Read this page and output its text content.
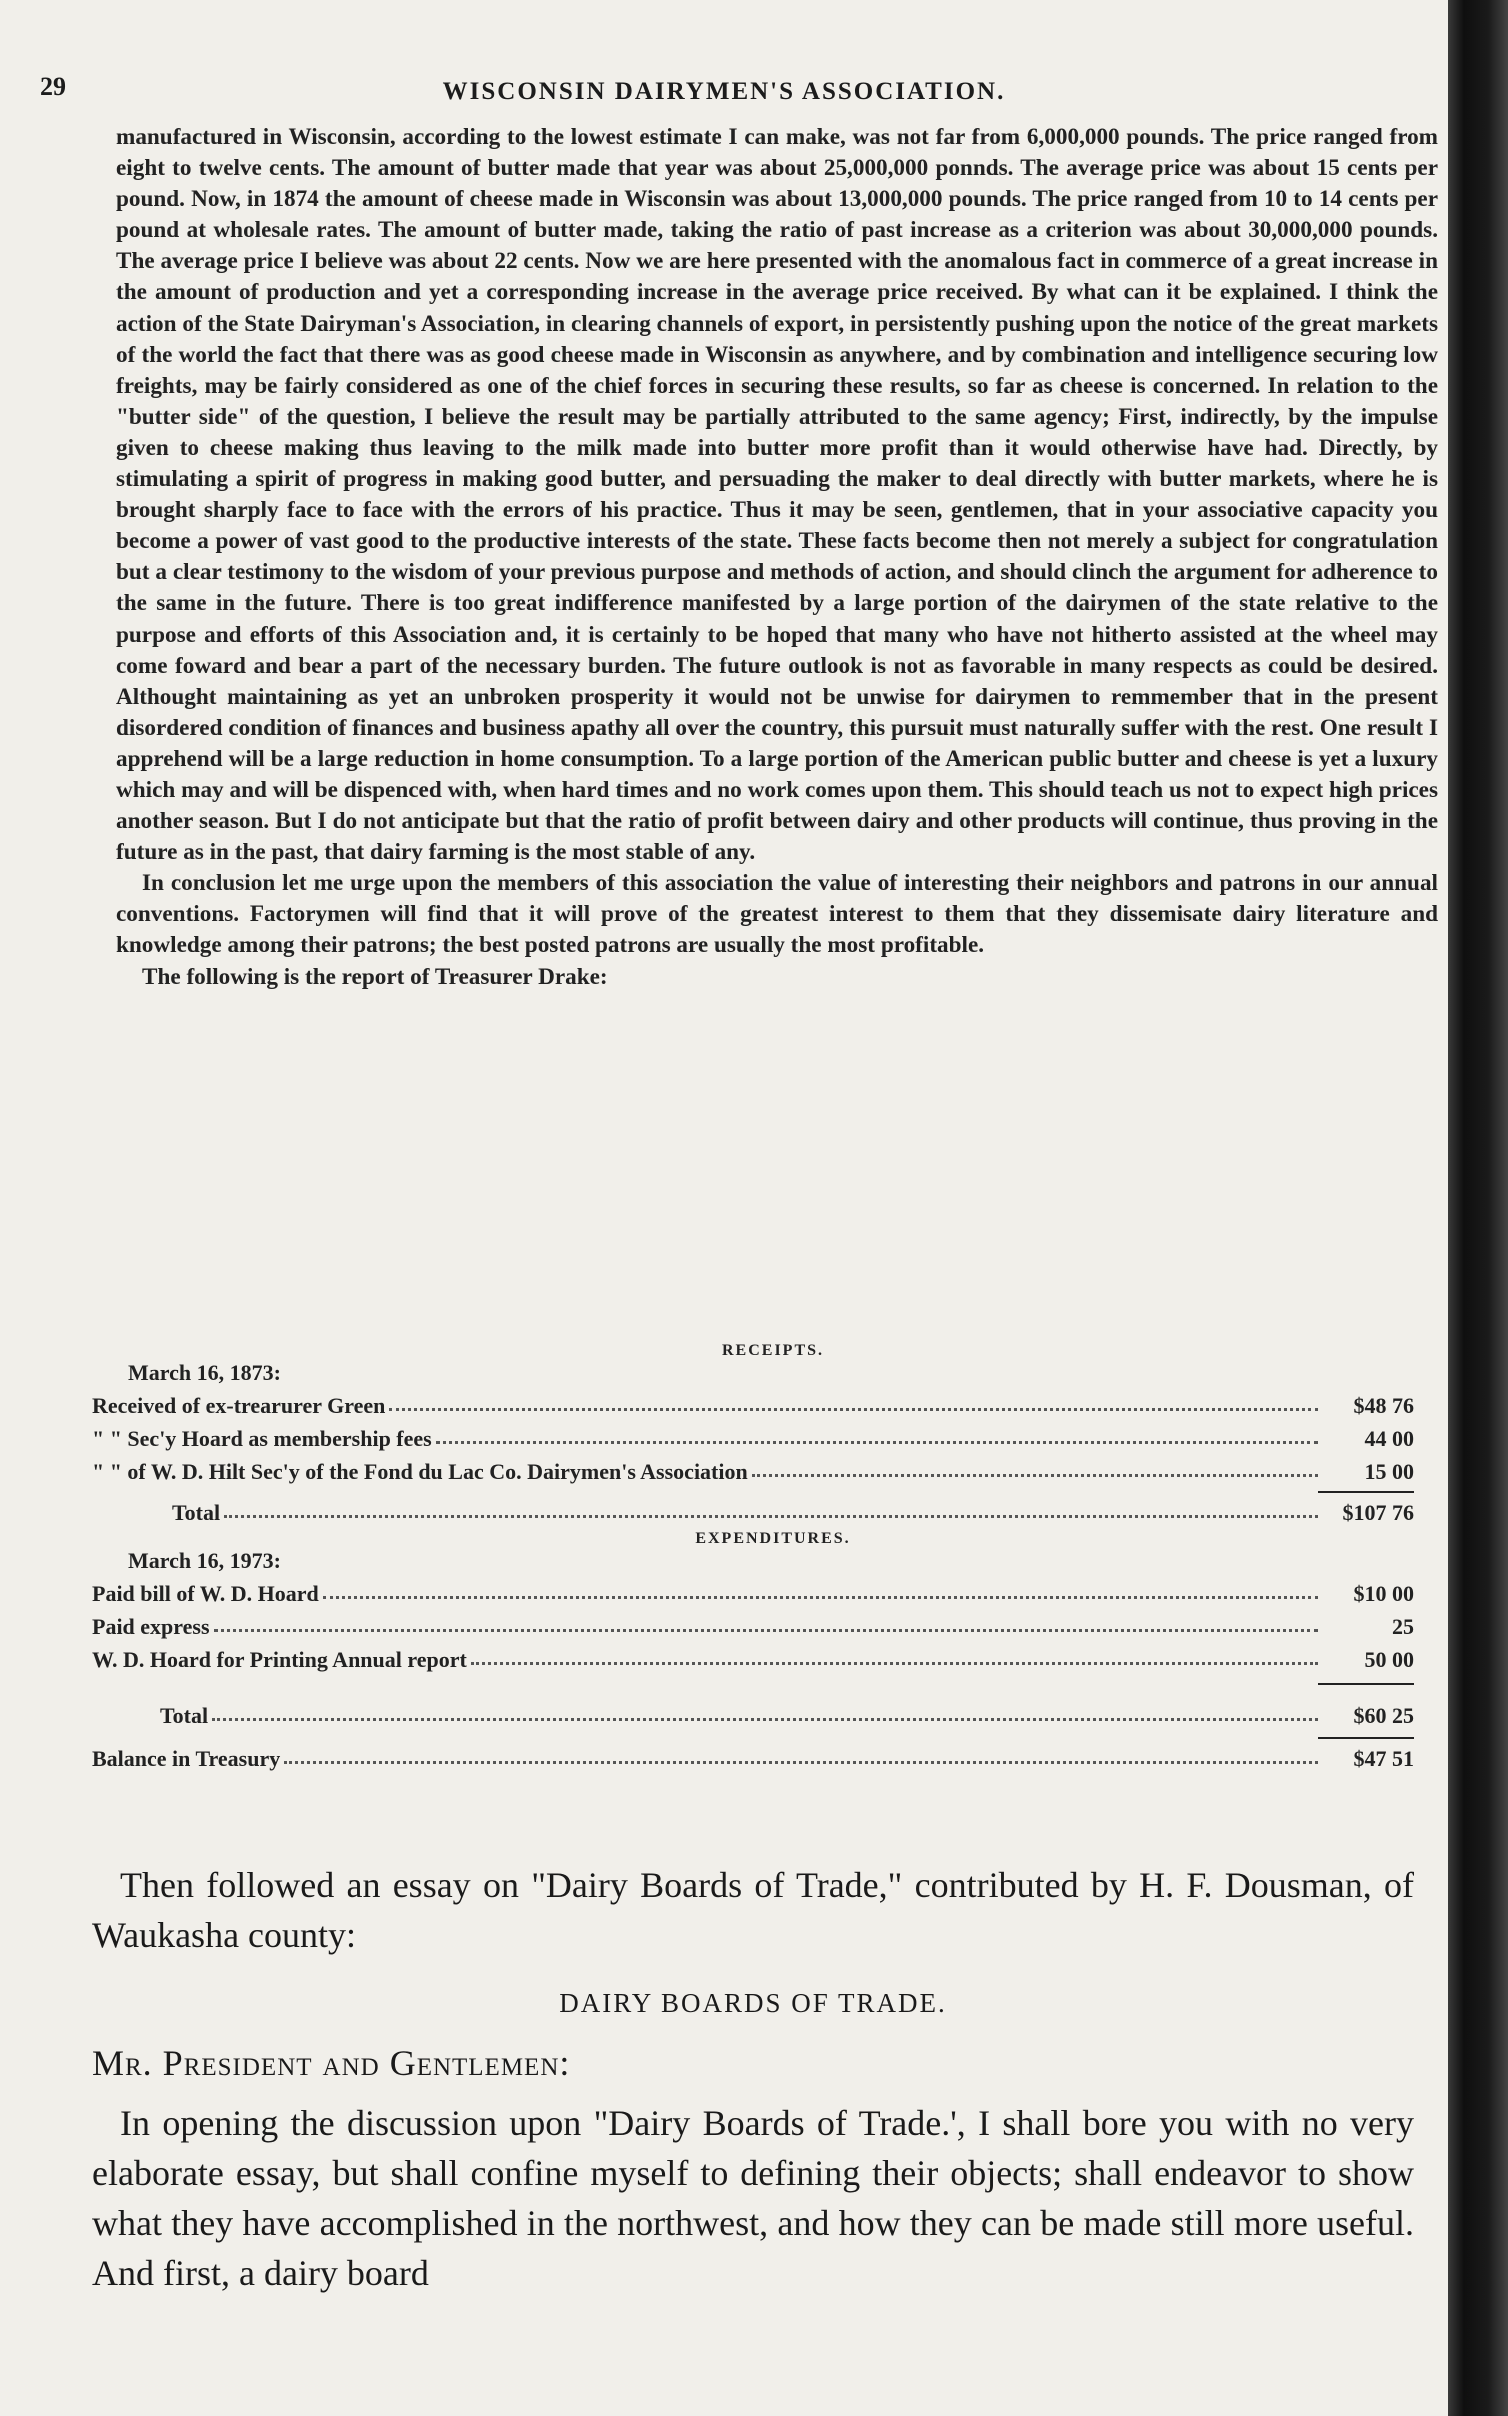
29	WISCONSIN DAIRYMEN'S ASSOCIATION.

manufactured in Wisconsin, according to the lowest estimate I can make, was not far from 6,000,000 pounds. The price ranged from eight to twelve cents. The amount of butter made that year was about 25,000,000 ponnds. The average price was about 15 cents per pound. Now, in 1874 the amount of cheese made in Wisconsin was about 13,000,000 pounds. The price ranged from 10 to 14 cents per pound at wholesale rates. The amount of butter made, taking the ratio of past increase as a criterion was about 30,000,000 pounds. The average price I believe was about 22 cents. Now we are here presented with the anomalous fact in commerce of a great increase in the amount of production and yet a corresponding increase in the average price received. By what can it be explained. I think the action of the State Dairyman's Association, in clearing channels of export, in persistently pushing upon the notice of the great markets of the world the fact that there was as good cheese made in Wisconsin as anywhere, and by combination and intelligence securing low freights, may be fairly considered as one of the chief forces in securing these results, so far as cheese is concerned. In relation to the "butter side" of the question, I believe the result may be partially attributed to the same agency; First, indirectly, by the impulse given to cheese making thus leaving to the milk made into butter more profit than it would otherwise have had. Directly, by stimulating a spirit of progress in making good butter, and persuading the maker to deal directly with butter markets, where he is brought sharply face to face with the errors of his practice. Thus it may be seen, gentlemen, that in your associative capacity you become a power of vast good to the productive interests of the state. These facts become then not merely a subject for congratulation but a clear testimony to the wisdom of your previous purpose and methods of action, and should clinch the argument for adherence to the same in the future. There is too great indifference manifested by a large portion of the dairymen of the state relative to the purpose and efforts of this Association and, it is certainly to be hoped that many who have not hitherto assisted at the wheel may come foward and bear a part of the necessary burden. The future outlook is not as favorable in many respects as could be desired. Althought maintaining as yet an unbroken prosperity it would not be unwise for dairymen to remmember that in the present disordered condition of finances and business apathy all over the country, this pursuit must naturally suffer with the rest. One result I apprehend will be a large reduction in home consumption. To a large portion of the American public butter and cheese is yet a luxury which may and will be dispenced with, when hard times and no work comes upon them. This should teach us not to expect high prices another season. But I do not anticipate but that the ratio of profit between dairy and other products will continue, thus proving in the future as in the past, that dairy farming is the most stable of any.

In conclusion let me urge upon the members of this association the value of interesting their neighbors and patrons in our annual conventions. Factorymen will find that it will prove of the greatest interest to them that they dissemisate dairy literature and knowledge among their patrons; the best posted patrons are usually the most profitable.

The following is the report of Treasurer Drake:

RECEIPTS.
March 16, 1873:
Received of ex-trearurer Green	$48 76
" " Sec'y Hoard as membership fees	44 00
" " of W. D. Hilt Sec'y of the Fond du Lac Co. Dairymen's Association	15 00
Total	$107 76
EXPENDITURES.
March 16, 1973:
Paid bill of W. D. Hoard	$10 00
Paid express	25
W. D. Hoard for Printing Annual report	50 00
Total	$60 25
Balance in Treasury	$47 51

Then followed an essay on "Dairy Boards of Trade," contributed by H. F. Dousman, of Waukasha county:

DAIRY BOARDS OF TRADE.

Mr. President and Gentlemen:

In opening the discussion upon "Dairy Boards of Trade.', I shall bore you with no very elaborate essay, but shall confine myself to defining their objects; shall endeavor to show what they have accomplished in the northwest, and how they can be made still more useful. And first, a dairy board
